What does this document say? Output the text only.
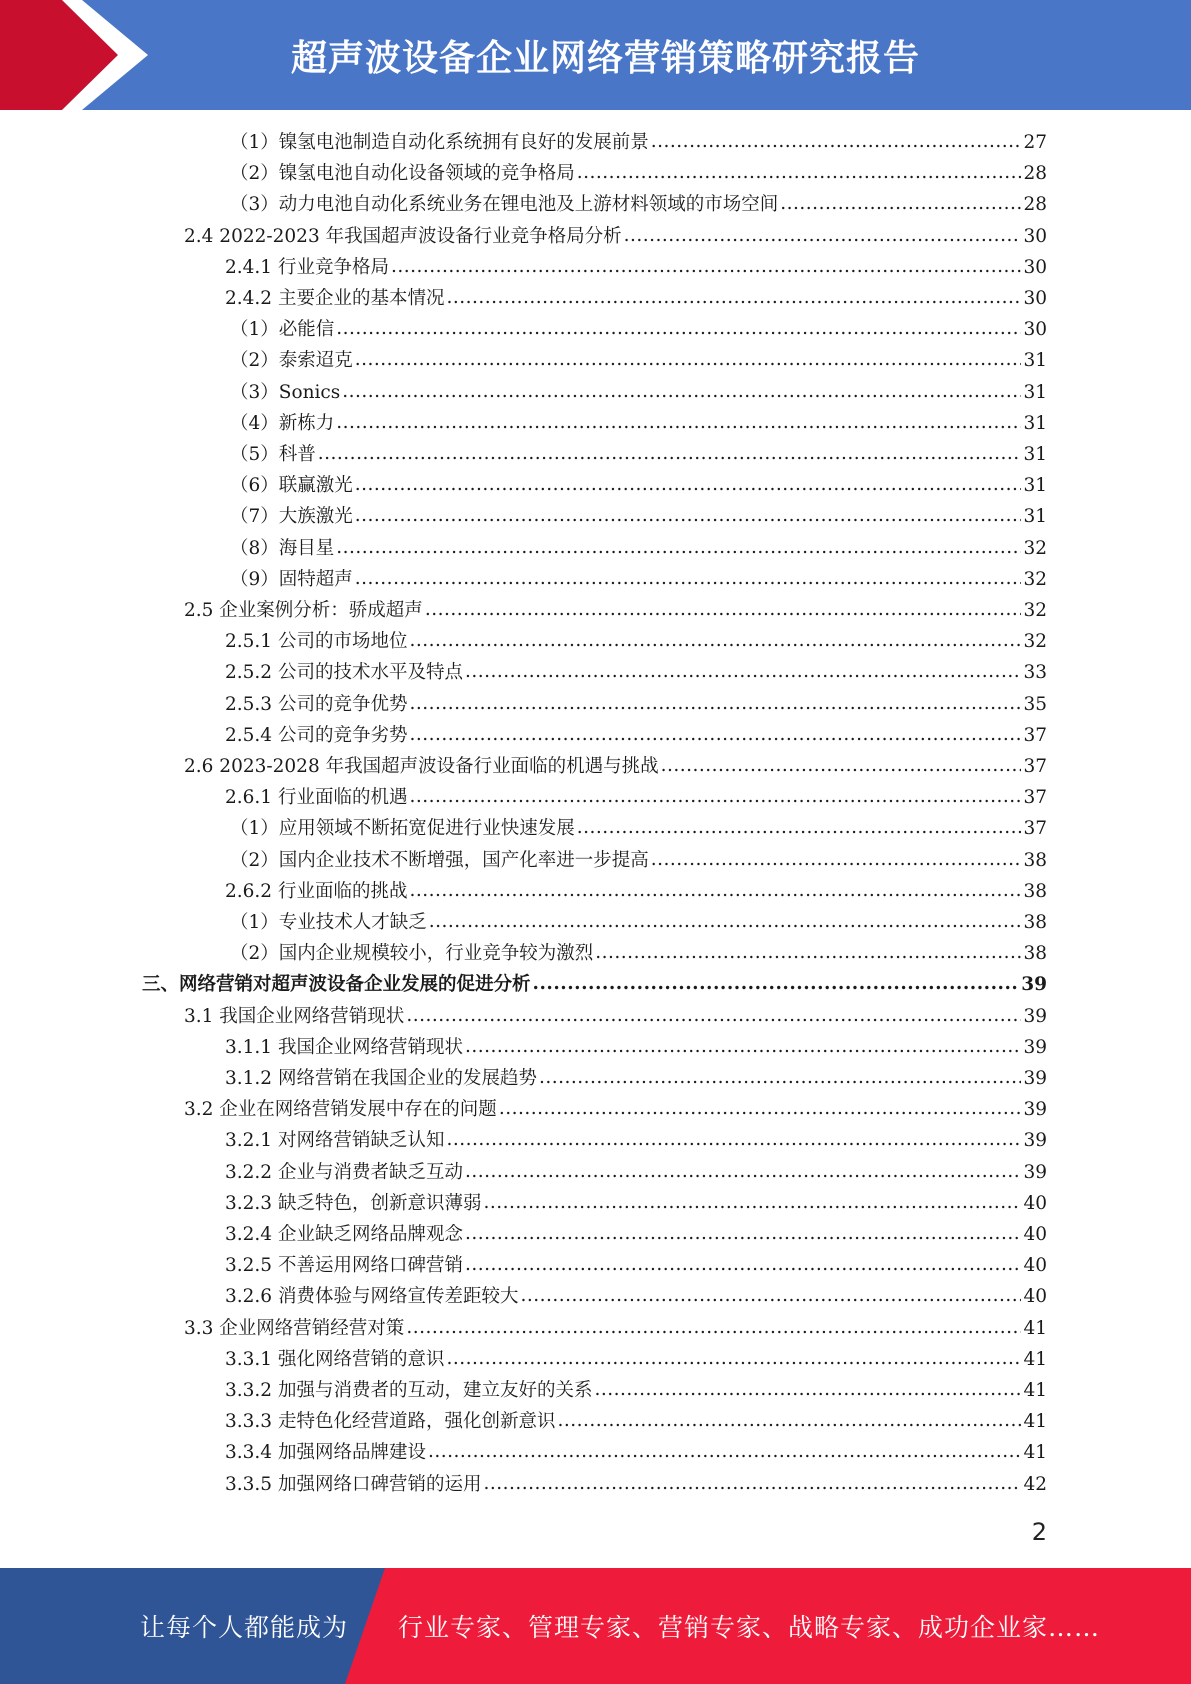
超声波设备企业网络营销策略研究报告
（1）镍氢电池制造自动化系统拥有良好的发展前景 .....	27
（2）镍氢电池自动化设备领域的竞争格局 .....	28
（3）动力电池自动化系统业务在锂电池及上游材料领域的市场空间 .....	28
2.4 2022-2023 年我国超声波设备行业竞争格局分析 .....	30
2.4.1 行业竞争格局 .....	30
2.4.2 主要企业的基本情况 .....	30
（1）必能信 .....	30
（2）泰索迢克 .....	31
（3）Sonics .....	31
（4）新栋力 .....	31
（5）科普 .....	31
（6）联赢激光 .....	31
（7）大族激光 .....	31
（8）海目星 .....	32
（9）固特超声 .....	32
2.5 企业案例分析：骄成超声 .....	32
2.5.1 公司的市场地位 .....	32
2.5.2 公司的技术水平及特点 .....	33
2.5.3 公司的竞争优势 .....	35
2.5.4 公司的竞争劣势 .....	37
2.6 2023-2028 年我国超声波设备行业面临的机遇与挑战 .....	37
2.6.1 行业面临的机遇 .....	37
（1）应用领域不断拓宽促进行业快速发展 .....	37
（2）国内企业技术不断增强，国产化率进一步提高 .....	38
2.6.2 行业面临的挑战 .....	38
（1）专业技术人才缺乏 .....	38
（2）国内企业规模较小，行业竞争较为激烈 .....	38
三、网络营销对超声波设备企业发展的促进分析 .....	39
3.1 我国企业网络营销现状 .....	39
3.1.1 我国企业网络营销现状 .....	39
3.1.2 网络营销在我国企业的发展趋势 .....	39
3.2 企业在网络营销发展中存在的问题 .....	39
3.2.1 对网络营销缺乏认知 .....	39
3.2.2 企业与消费者缺乏互动 .....	39
3.2.3 缺乏特色，创新意识薄弱 .....	40
3.2.4 企业缺乏网络品牌观念 .....	40
3.2.5 不善运用网络口碑营销 .....	40
3.2.6 消费体验与网络宣传差距较大 .....	40
3.3 企业网络营销经营对策 .....	41
3.3.1 强化网络营销的意识 .....	41
3.3.2 加强与消费者的互动，建立友好的关系 .....	41
3.3.3 走特色化经营道路，强化创新意识 .....	41
3.3.4 加强网络品牌建设 .....	41
3.3.5 加强网络口碑营销的运用 .....	42
2
让每个人都能成为 行业专家、管理专家、营销专家、战略专家、成功企业家……
